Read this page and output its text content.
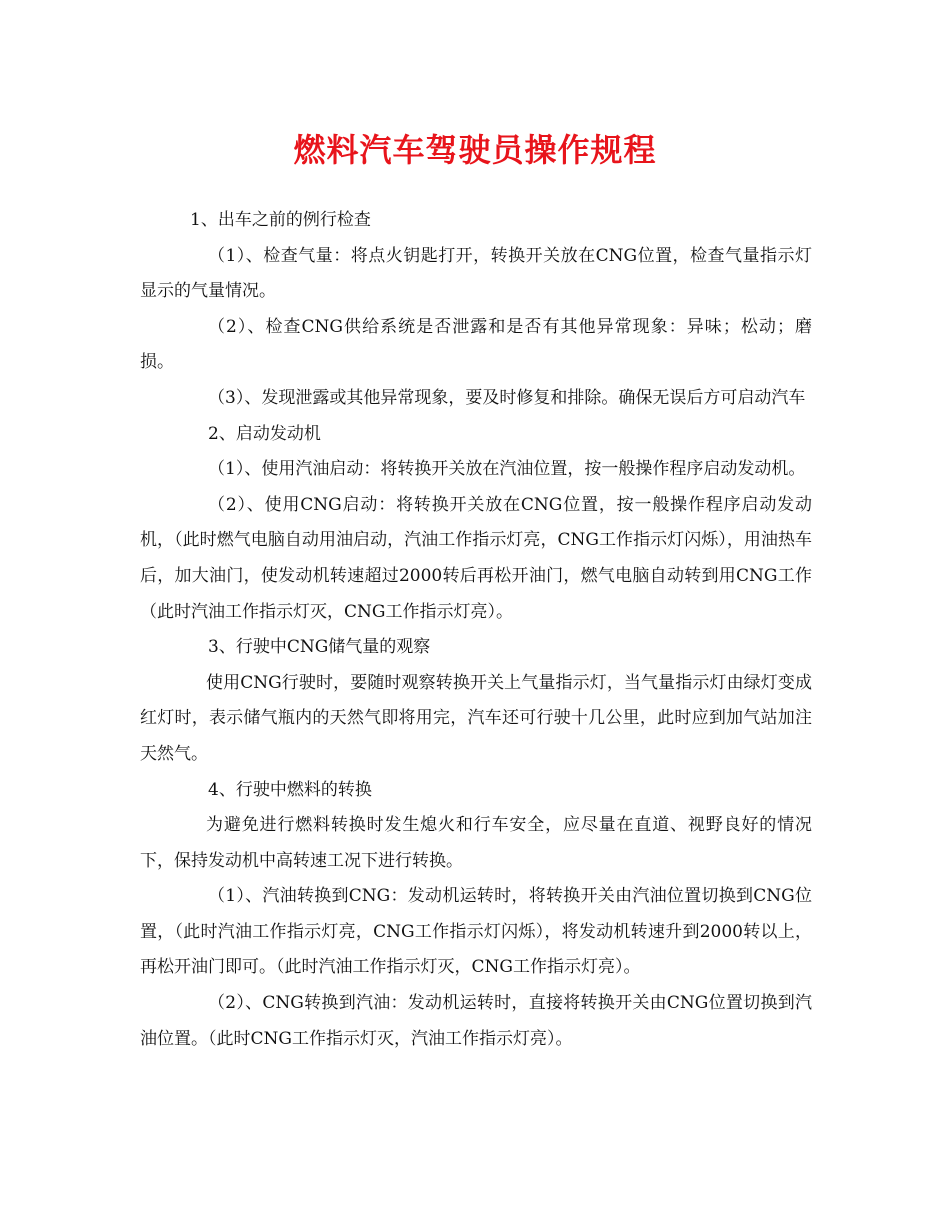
燃料汽车驾驶员操作规程

1、出车之前的例行检查

（1）、检查气量：将点火钥匙打开，转换开关放在CNG位置，检查气量指示灯显示的气量情况。

（2）、检查CNG供给系统是否泄露和是否有其他异常现象：异味；松动；磨损。

（3）、发现泄露或其他异常现象，要及时修复和排除。确保无误后方可启动汽车

2、启动发动机

（1）、使用汽油启动：将转换开关放在汽油位置，按一般操作程序启动发动机。

（2）、使用CNG启动：将转换开关放在CNG位置，按一般操作程序启动发动机，（此时燃气电脑自动用油启动，汽油工作指示灯亮，CNG工作指示灯闪烁），用油热车后，加大油门，使发动机转速超过2000转后再松开油门，燃气电脑自动转到用CNG工作（此时汽油工作指示灯灭，CNG工作指示灯亮）。

3、行驶中CNG储气量的观察

使用CNG行驶时，要随时观察转换开关上气量指示灯，当气量指示灯由绿灯变成红灯时，表示储气瓶内的天然气即将用完，汽车还可行驶十几公里，此时应到加气站加注天然气。

4、行驶中燃料的转换

为避免进行燃料转换时发生熄火和行车安全，应尽量在直道、视野良好的情况下，保持发动机中高转速工况下进行转换。

（1）、汽油转换到CNG：发动机运转时，将转换开关由汽油位置切换到CNG位置，（此时汽油工作指示灯亮，CNG工作指示灯闪烁），将发动机转速升到2000转以上，再松开油门即可。（此时汽油工作指示灯灭，CNG工作指示灯亮）。

（2）、CNG转换到汽油：发动机运转时，直接将转换开关由CNG位置切换到汽油位置。（此时CNG工作指示灯灭，汽油工作指示灯亮）。
